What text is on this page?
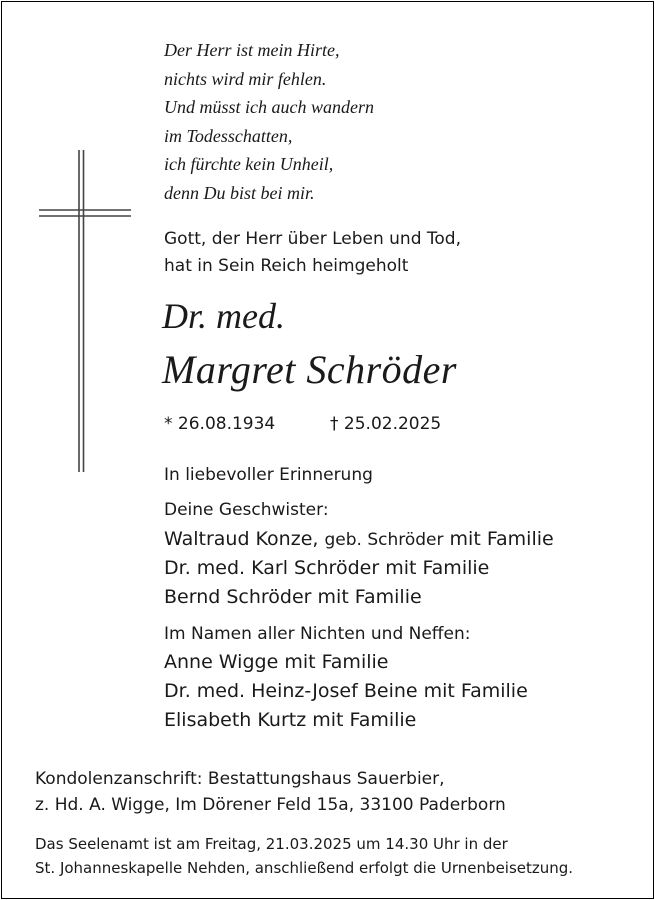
Der Herr ist mein Hirte,
nichts wird mir fehlen.
Und müsst ich auch wandern
im Todesschatten,
ich fürchte kein Unheil,
denn Du bist bei mir.
Gott, der Herr über Leben und Tod,
hat in Sein Reich heimgeholt
Dr. med.
Margret Schröder
* 26.08.1934	† 25.02.2025
In liebevoller Erinnerung
Deine Geschwister:
Waltraud Konze, geb. Schröder mit Familie
Dr. med. Karl Schröder mit Familie
Bernd Schröder mit Familie
Im Namen aller Nichten und Neffen:
Anne Wigge mit Familie
Dr. med. Heinz-Josef Beine mit Familie
Elisabeth Kurtz mit Familie
Kondolenzanschrift: Bestattungshaus Sauerbier,
z. Hd. A. Wigge, Im Dörener Feld 15a, 33100 Paderborn
Das Seelenamt ist am Freitag, 21.03.2025 um 14.30 Uhr in der
St. Johanneskapelle Nehden, anschließend erfolgt die Urnenbeisetzung.
